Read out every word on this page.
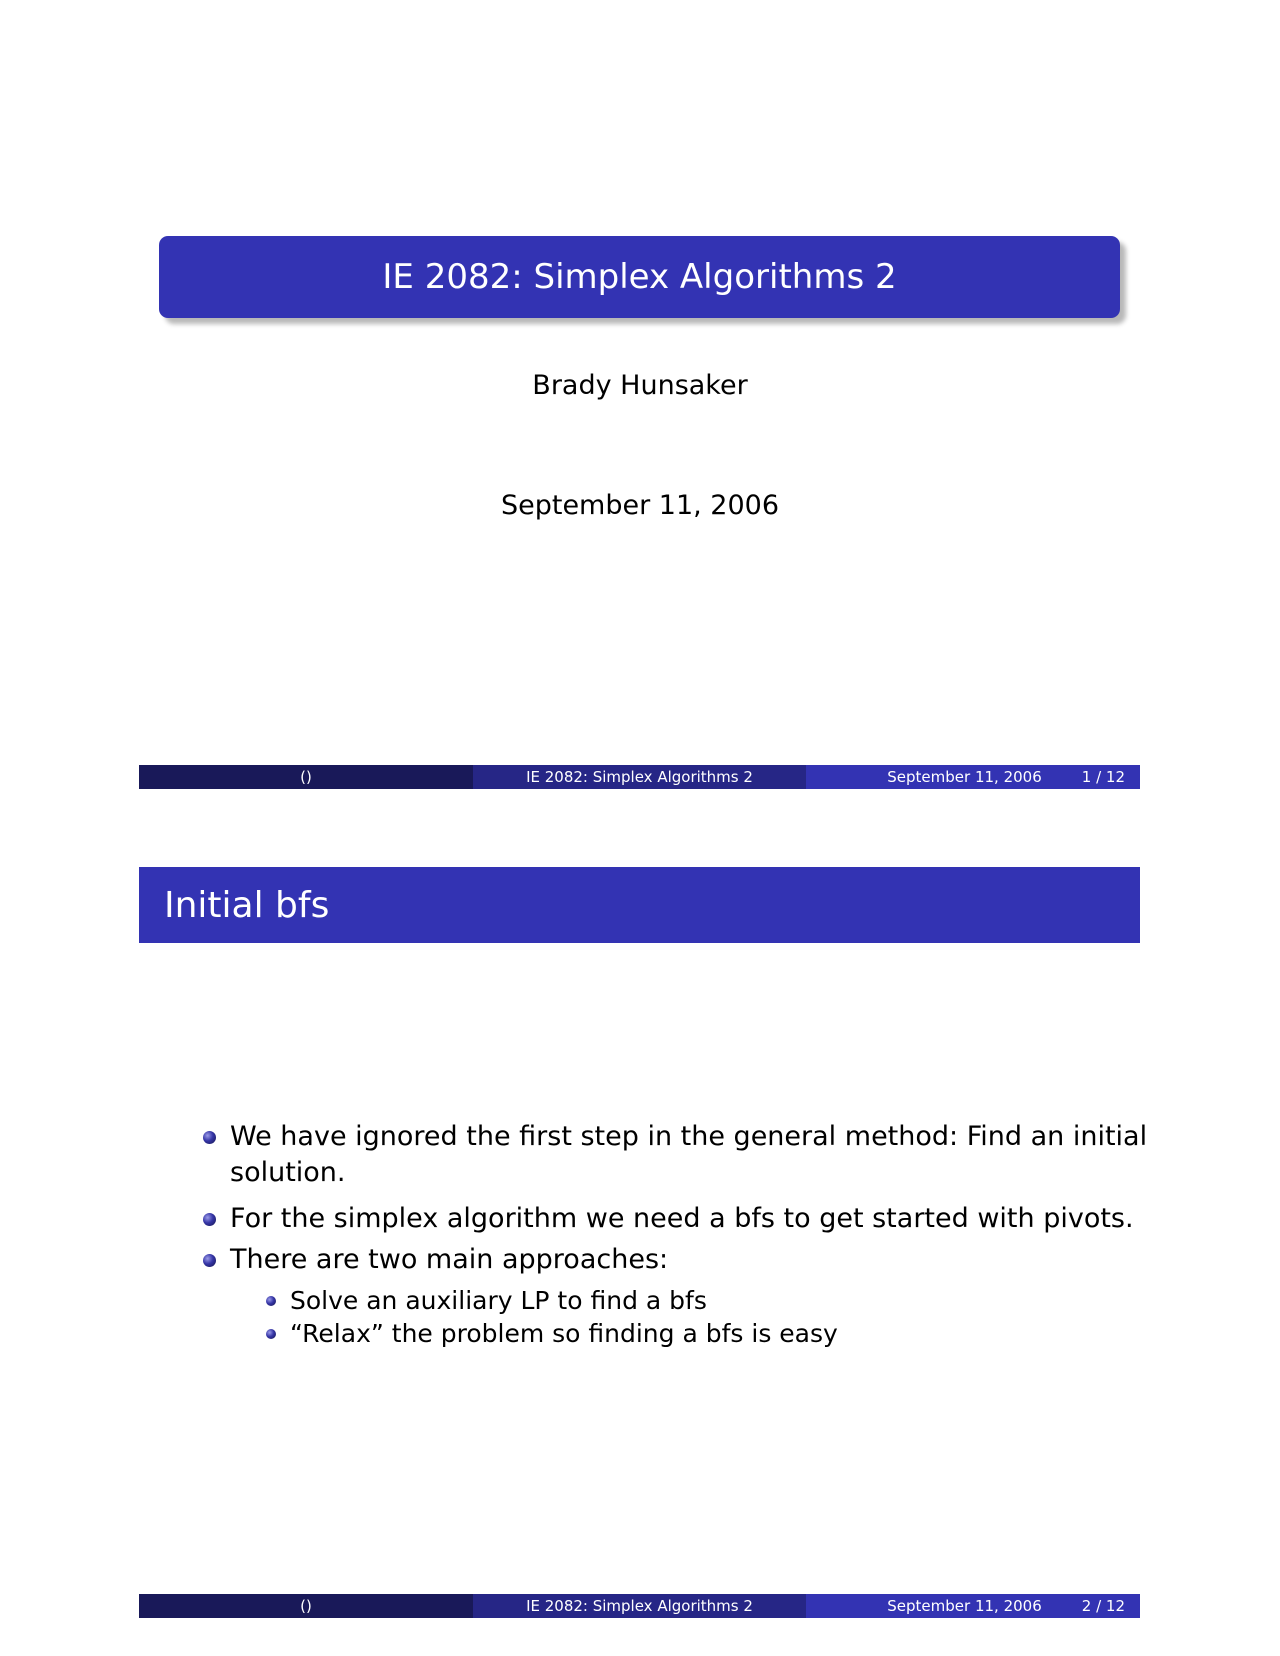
IE 2082: Simplex Algorithms 2
Brady Hunsaker
September 11, 2006
()	IE 2082: Simplex Algorithms 2	September 11, 2006	1 / 12
Initial bfs
We have ignored the first step in the general method: Find an initial
solution.
For the simplex algorithm we need a bfs to get started with pivots.
There are two main approaches:
Solve an auxiliary LP to find a bfs
“Relax” the problem so finding a bfs is easy
()	IE 2082: Simplex Algorithms 2	September 11, 2006	2 / 12
